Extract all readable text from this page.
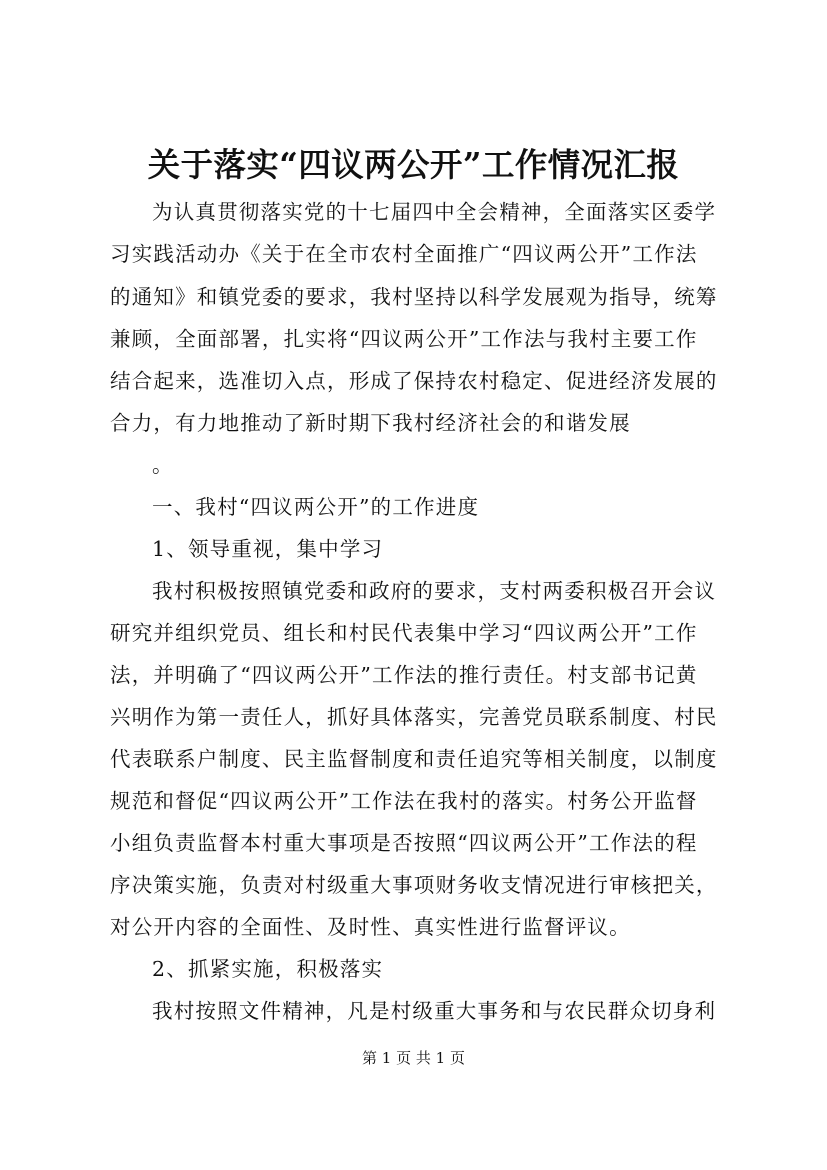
关于落实“四议两公开”工作情况汇报
为认真贯彻落实党的十七届四中全会精神，全面落实区委学
习实践活动办《关于在全市农村全面推广“四议两公开”工作法
的通知》和镇党委的要求，我村坚持以科学发展观为指导，统筹
兼顾，全面部署，扎实将“四议两公开”工作法与我村主要工作
结合起来，选准切入点，形成了保持农村稳定、促进经济发展的
合力，有力地推动了新时期下我村经济社会的和谐发展
。
一、我村“四议两公开”的工作进度
1、领导重视，集中学习
我村积极按照镇党委和政府的要求，支村两委积极召开会议
研究并组织党员、组长和村民代表集中学习“四议两公开”工作
法，并明确了“四议两公开”工作法的推行责任。村支部书记黄
兴明作为第一责任人，抓好具体落实，完善党员联系制度、村民
代表联系户制度、民主监督制度和责任追究等相关制度，以制度
规范和督促“四议两公开”工作法在我村的落实。村务公开监督
小组负责监督本村重大事项是否按照“四议两公开”工作法的程
序决策实施，负责对村级重大事项财务收支情况进行审核把关，
对公开内容的全面性、及时性、真实性进行监督评议。
2、抓紧实施，积极落实
我村按照文件精神，凡是村级重大事务和与农民群众切身利
第 1 页 共 1 页
